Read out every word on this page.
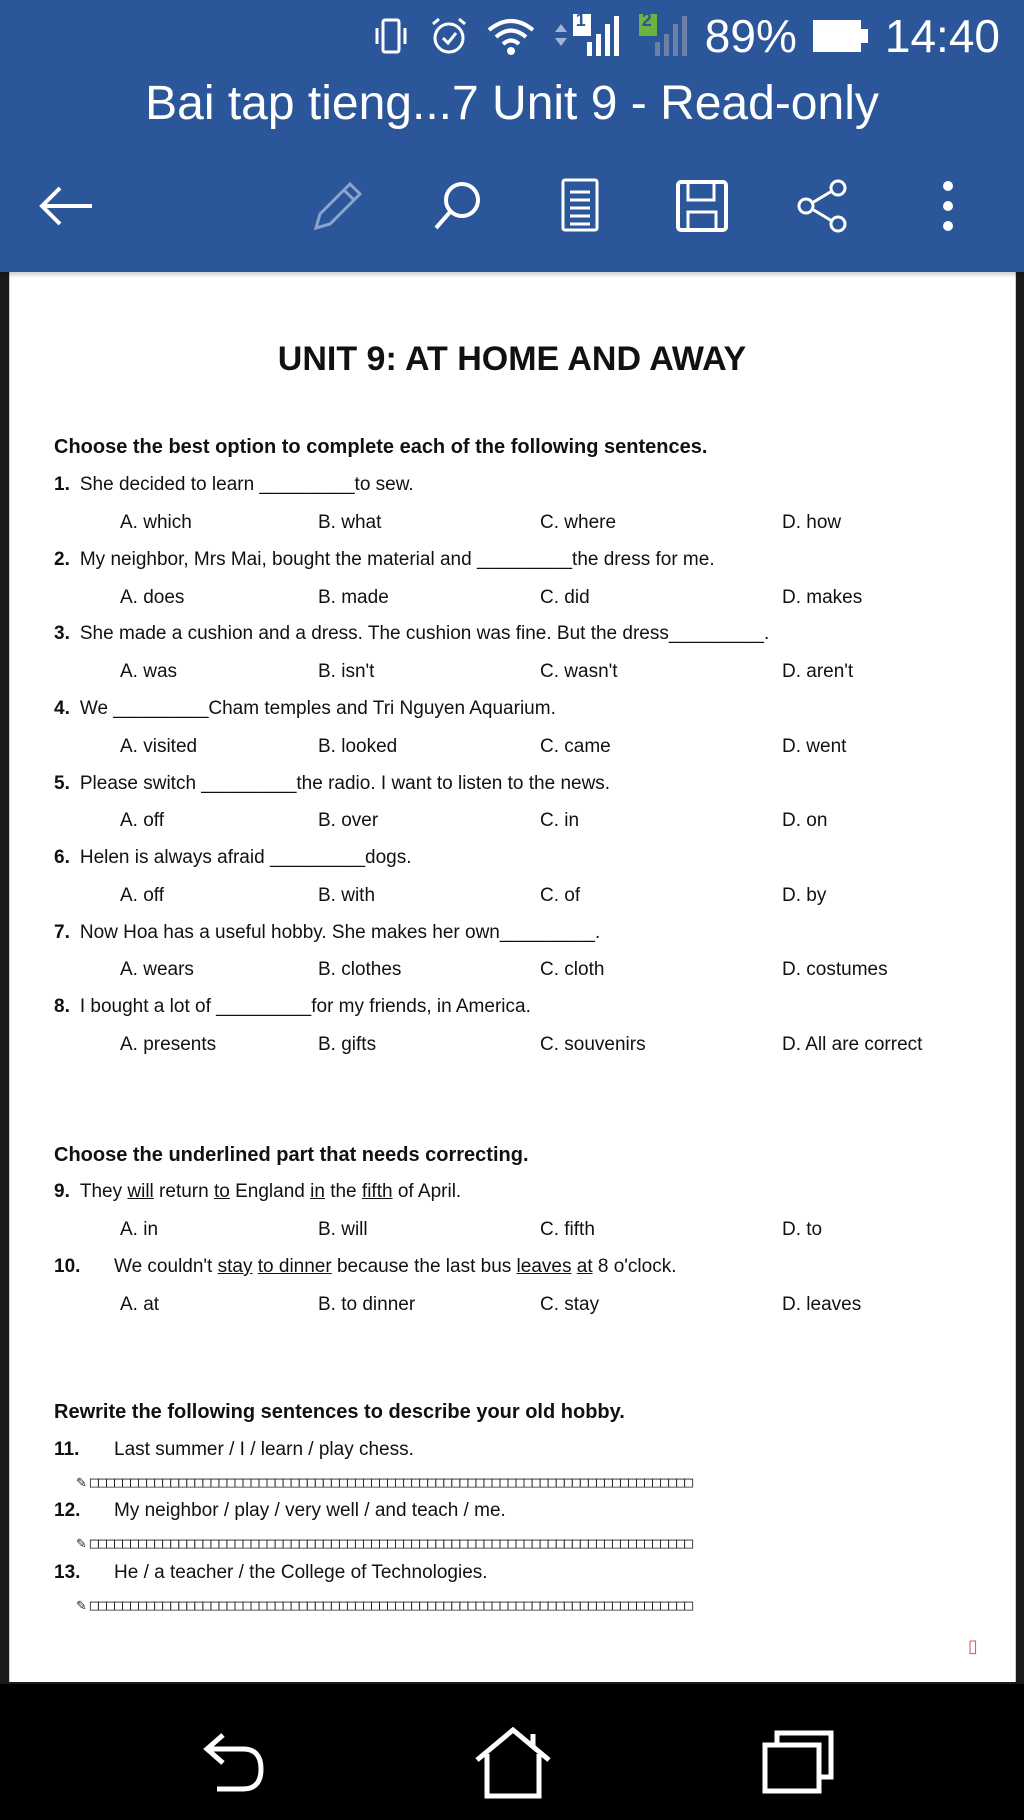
1	2 89% 14:40
Bai tap tieng...7 Unit 9 - Read-only
UNIT 9: AT HOME AND AWAY
Choose the best option to complete each of the following sentences.
1. She decided to learn _________to sew.
A. which	B. what	C. where	D. how
2. My neighbor, Mrs Mai, bought the material and _________the dress for me.
A. does	B. made	C. did	D. makes
3. She made a cushion and a dress. The cushion was fine. But the dress_________.
A. was	B. isn't	C. wasn't	D. aren't
4. We _________Cham temples and Tri Nguyen Aquarium.
A. visited	B. looked	C. came	D. went
5. Please switch _________the radio. I want to listen to the news.
A. off	B. over	C. in	D. on
6. Helen is always afraid _________dogs.
A. off	B. with	C. of	D. by
7. Now Hoa has a useful hobby. She makes her own_________.
A. wears	B. clothes	C. cloth	D. costumes
8. I bought a lot of _________for my friends, in America.
A. presents	B. gifts	C. souvenirs	D. All are correct
Choose the underlined part that needs correcting.
9. They will return to England in the fifth of April.
A. in	B. will	C. fifth	D. to
10. We couldn't stay to dinner because the last bus leaves at 8 o'clock.
A. at	B. to dinner	C. stay	D. leaves
Rewrite the following sentences to describe your old hobby.
11. Last summer / I / learn / play chess.
✎ □□□□□□□□□□□□□□□□□□□□□□□□□□□□□□□□□□□□□□□□□□□□□□□□□□□□□□□□□□□□□□□□□□□□□□□□□□□
12. My neighbor / play / very well / and teach / me.
✎ □□□□□□□□□□□□□□□□□□□□□□□□□□□□□□□□□□□□□□□□□□□□□□□□□□□□□□□□□□□□□□□□□□□□□□□□□□□
13. He / a teacher / the College of Technologies.
✎ □□□□□□□□□□□□□□□□□□□□□□□□□□□□□□□□□□□□□□□□□□□□□□□□□□□□□□□□□□□□□□□□□□□□□□□□□□□
▯
